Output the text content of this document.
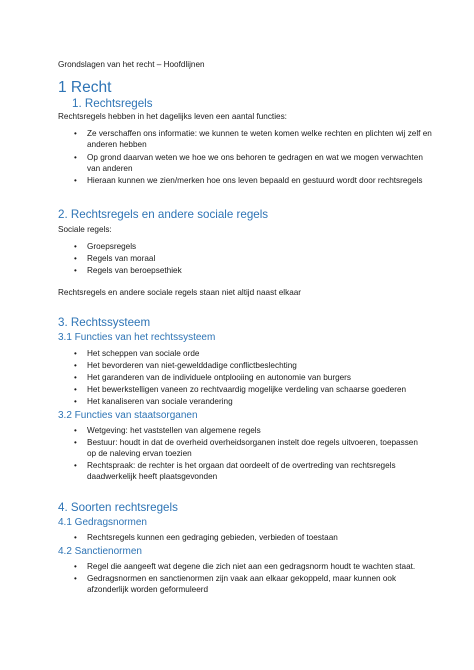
Grondslagen van het recht – Hoofdlijnen
1 Recht
1. Rechtsregels
Rechtsregels hebben in het dagelijks leven een aantal functies:
• Ze verschaffen ons informatie: we kunnen te weten komen welke rechten en plichten wij zelf en anderen hebben
• Op grond daarvan weten we hoe we ons behoren te gedragen en wat we mogen verwachten van anderen
• Hieraan kunnen we zien/merken hoe ons leven bepaald en gestuurd wordt door rechtsregels
2. Rechtsregels en andere sociale regels
Sociale regels:
• Groepsregels
• Regels van moraal
• Regels van beroepsethiek
Rechtsregels en andere sociale regels staan niet altijd naast elkaar
3. Rechtssysteem
3.1 Functies van het rechtssysteem
• Het scheppen van sociale orde
• Het bevorderen van niet-gewelddadige conflictbeslechting
• Het garanderen van de individuele ontplooiing en autonomie van burgers
• Het bewerkstelligen vaneen zo rechtvaardig mogelijke verdeling van schaarse goederen
• Het kanaliseren van sociale verandering
3.2 Functies van staatsorganen
• Wetgeving: het vaststellen van algemene regels
• Bestuur: houdt in dat de overheid overheidsorganen instelt doe regels uitvoeren, toepassen op de naleving ervan toezien
• Rechtspraak: de rechter is het orgaan dat oordeelt of de overtreding van rechtsregels daadwerkelijk heeft plaatsgevonden
4. Soorten rechtsregels
4.1 Gedragsnormen
• Rechtsregels kunnen een gedraging gebieden, verbieden of toestaan
4.2 Sanctienormen
• Regel die aangeeft wat degene die zich niet aan een gedragsnorm houdt te wachten staat.
• Gedragsnormen en sanctienormen zijn vaak aan elkaar gekoppeld, maar kunnen ook afzonderlijk worden geformuleerd
